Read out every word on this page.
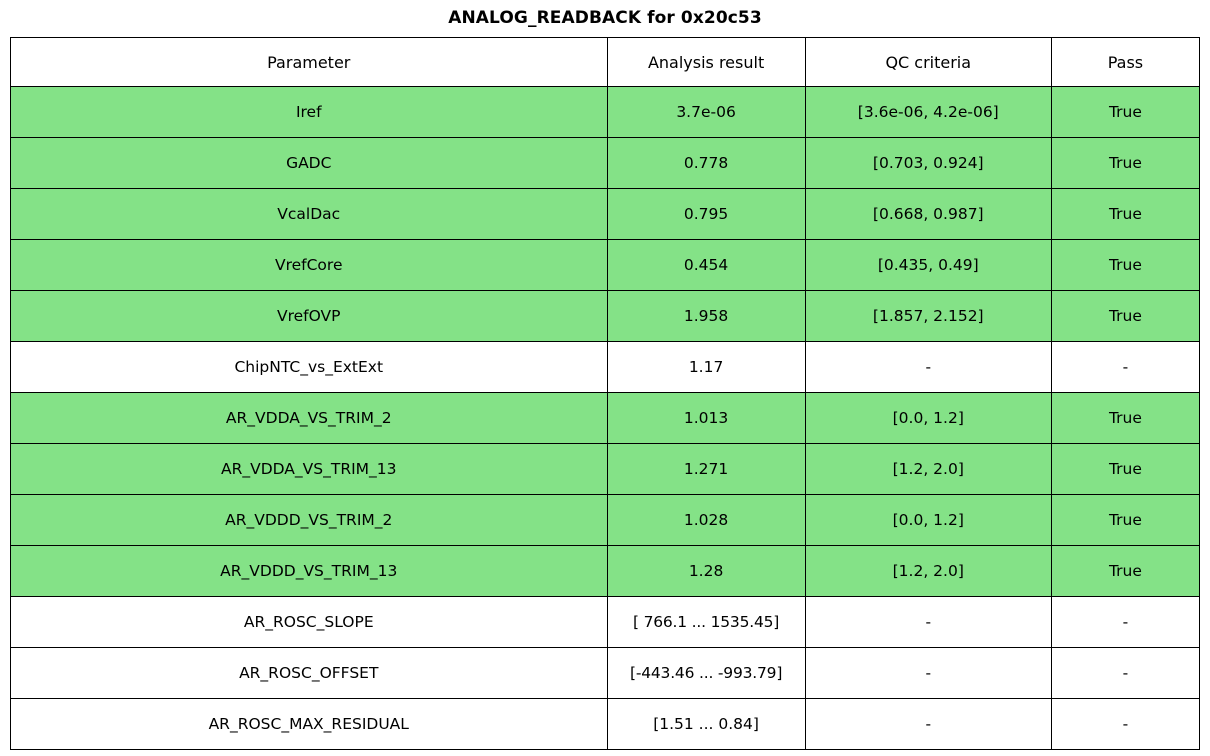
ANALOG_READBACK for 0x20c53
Parameter	Analysis result	QC criteria	Pass
Iref	3.7e-06	[3.6e-06, 4.2e-06]	True
GADC	0.778	[0.703, 0.924]	True
VcalDac	0.795	[0.668, 0.987]	True
VrefCore	0.454	[0.435, 0.49]	True
VrefOVP	1.958	[1.857, 2.152]	True
ChipNTC_vs_ExtExt	1.17	-	-
AR_VDDA_VS_TRIM_2	1.013	[0.0, 1.2]	True
AR_VDDA_VS_TRIM_13	1.271	[1.2, 2.0]	True
AR_VDDD_VS_TRIM_2	1.028	[0.0, 1.2]	True
AR_VDDD_VS_TRIM_13	1.28	[1.2, 2.0]	True
AR_ROSC_SLOPE	[ 766.1 ... 1535.45]	-	-
AR_ROSC_OFFSET	[-443.46 ... -993.79]	-	-
AR_ROSC_MAX_RESIDUAL	[1.51 ... 0.84]	-	-
